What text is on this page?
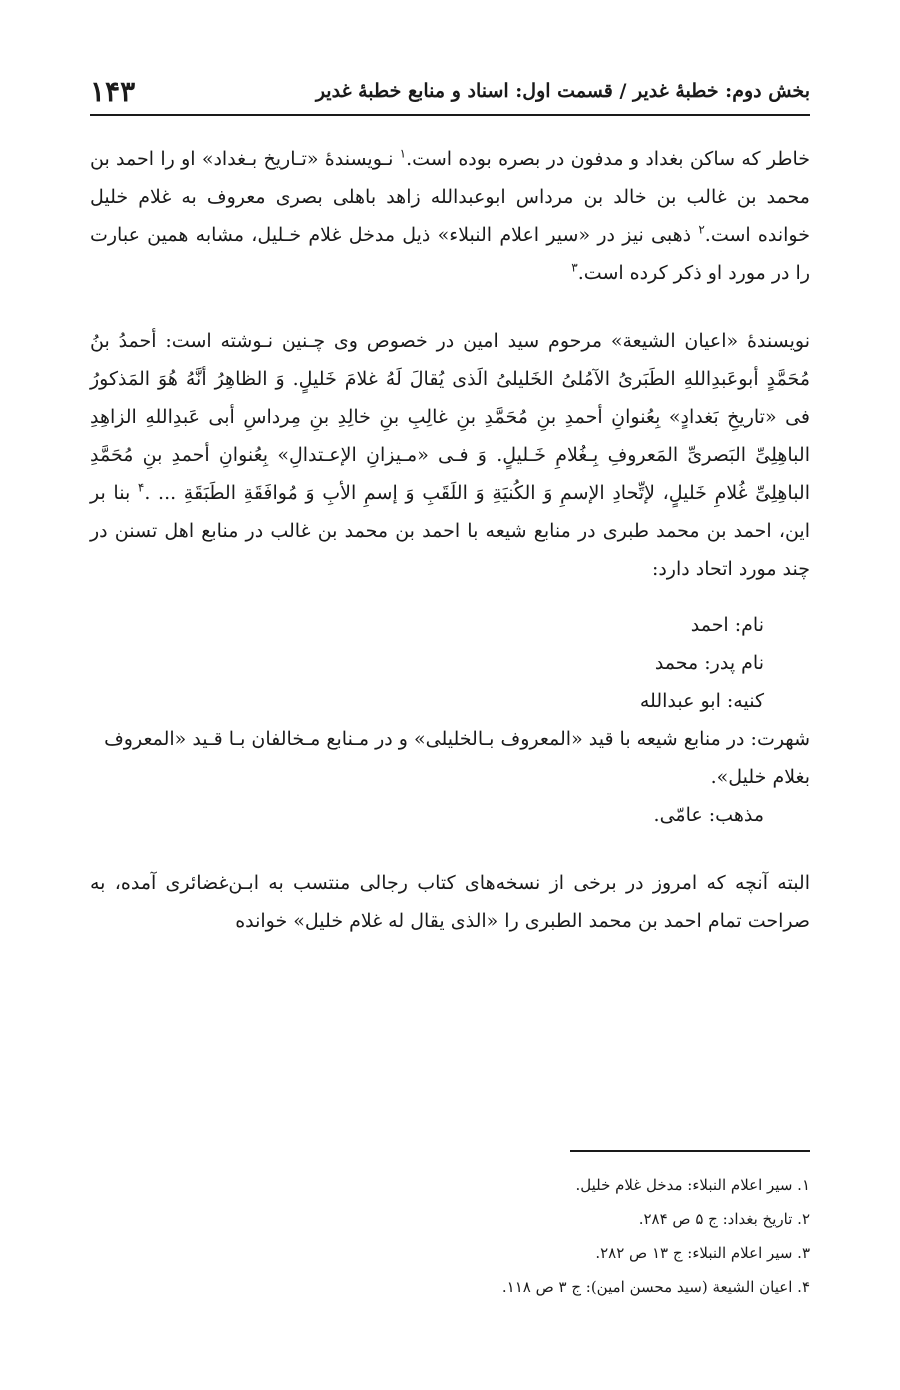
بخش دوم: خطبهٔ غدیر / قسمت اول: اسناد و منابع خطبهٔ غدیر
۱۴۳

خاطر که ساکن بغداد و مدفون در بصره بوده است.$^۱$ نـویسندهٔ «تـاریخ بـغداد» او را احمد بن محمد بن غالب بن خالد بن مرداس ابوعبدالله زاهد باهلی بصری معروف به غلام خلیل خوانده است.$^۲$ ذهبی نیز در «سیر اعلام النبلاء» ذیل مدخل غلام خـلیل، مشابه همین عبارت را در مورد او ذکر کرده است.$^۳$

نویسندهٔ «اعیان الشیعة» مرحوم سید امین در خصوص وی چـنین نـوشته است: أحمدُ بنُ مُحَمَّدٍ أبوعَبدِاللهِ الطَبَریُ الآمُلیُ الخَلیلیُ الَذی یُقالَ لَهُ غلامَ خَلیلٍ. وَ الظاهِرُ أنَّهُ هُوَ المَذکورُ فی «تاریخِ بَغدادٍ» بِعُنوانِ أحمدِ بنِ مُحَمَّدِ بنِ غالِبِ بنِ خالِدِ بنِ مِرداسِ أبی عَبدِاللهِ الزاهِدِ الباهِلِیِّ البَصریِّ المَعروفِ بِـغُلامِ خَـلیلٍ. وَ فـی «مـیزانِ الإعـتدالِ» بِعُنوانِ أحمدِ بنِ مُحَمَّدِ الباهِلِیِّ غُلامِ خَلیلٍ، لإتِّحادِ الإسمِ وَ الکُنیَةِ وَ اللَقَبِ وَ إسمِ الأبِ وَ مُوافَقَةِ الطَبَقَةِ ... .$^۴$ بنا بر این، احمد بن محمد طبری در منابع شیعه با احمد بن محمد بن غالب در منابع اهل تسنن در چند مورد اتحاد دارد:

نام: احمد
نام پدر: محمد
کنیه: ابو عبدالله
شهرت: در منابع شیعه با قید «المعروف بـالخلیلی» و در مـنابع مـخالفان بـا قـید «المعروف بغلام خلیل».
مذهب: عامّی.

البته آنچه که امروز در برخی از نسخه‌های کتاب رجالی منتسب به ابـن‌غضائری آمده، به صراحت تمام احمد بن محمد الطبری را «الذی یقال له غلام خلیل» خوانده

۱. سیر اعلام النبلاء: مدخل غلام خلیل.
۲. تاریخ بغداد: ج ۵ ص ۲۸۴.
۳. سیر اعلام النبلاء: ج ۱۳ ص ۲۸۲.
۴. اعیان الشیعة (سید محسن امین): ج ۳ ص ۱۱۸.
